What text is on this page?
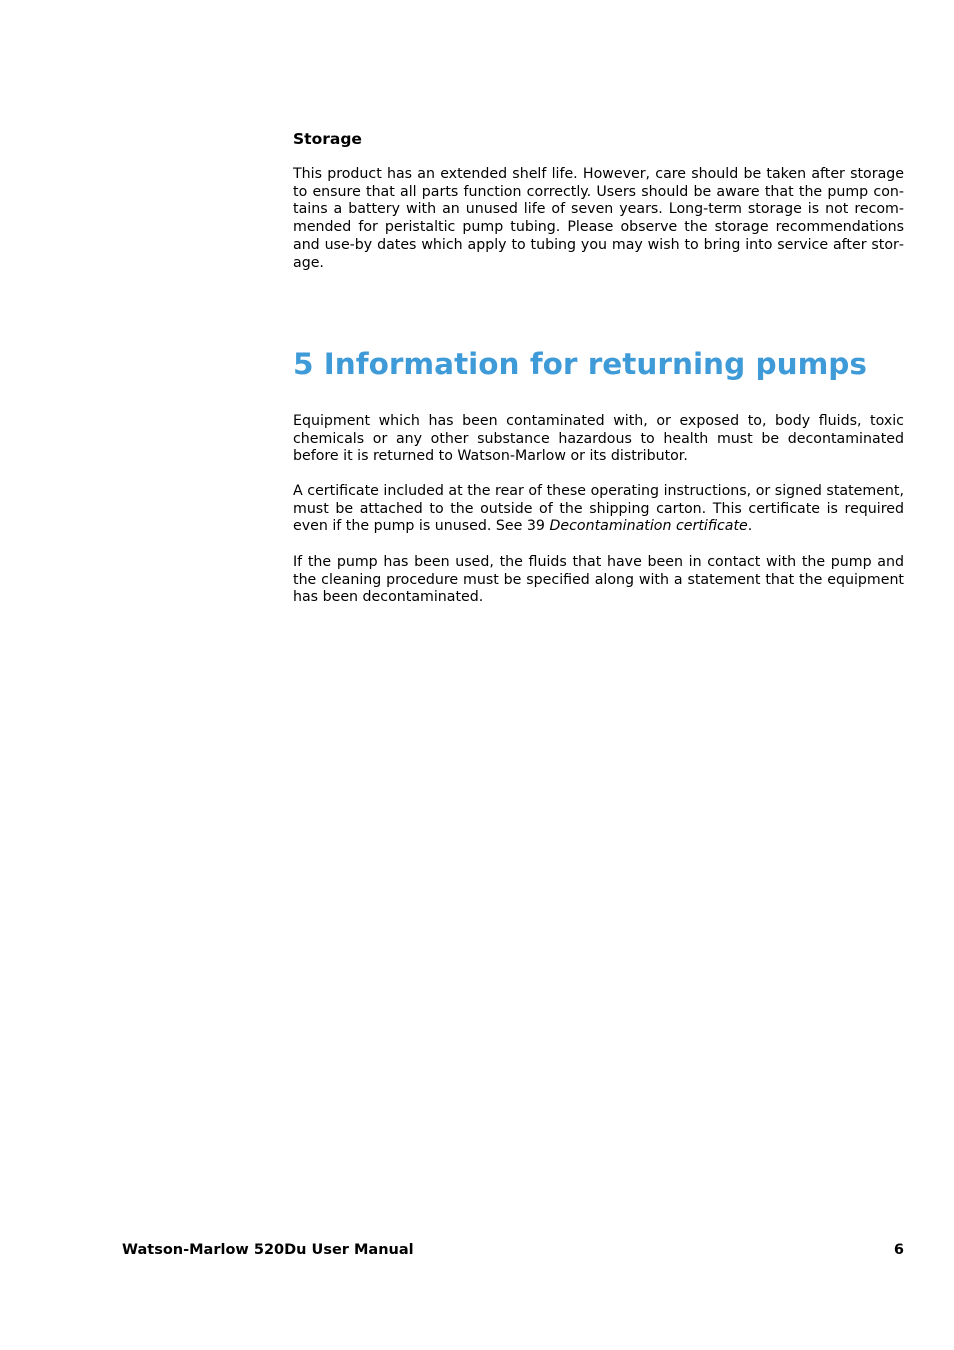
Storage

This product has an extended shelf life. However, care should be taken after storage to ensure that all parts function correctly. Users should be aware that the pump contains a battery with an unused life of seven years. Long-term storage is not recommended for peristaltic pump tubing. Please observe the storage recommendations and use-by dates which apply to tubing you may wish to bring into service after storage.

5 Information for returning pumps

Equipment which has been contaminated with, or exposed to, body fluids, toxic chemicals or any other substance hazardous to health must be decontaminated before it is returned to Watson-Marlow or its distributor.

A certificate included at the rear of these operating instructions, or signed statement, must be attached to the outside of the shipping carton. This certificate is required even if the pump is unused. See 39 Decontamination certificate.

If the pump has been used, the fluids that have been in contact with the pump and the cleaning procedure must be specified along with a statement that the equipment has been decontaminated.

Watson-Marlow 520Du User Manual	6
